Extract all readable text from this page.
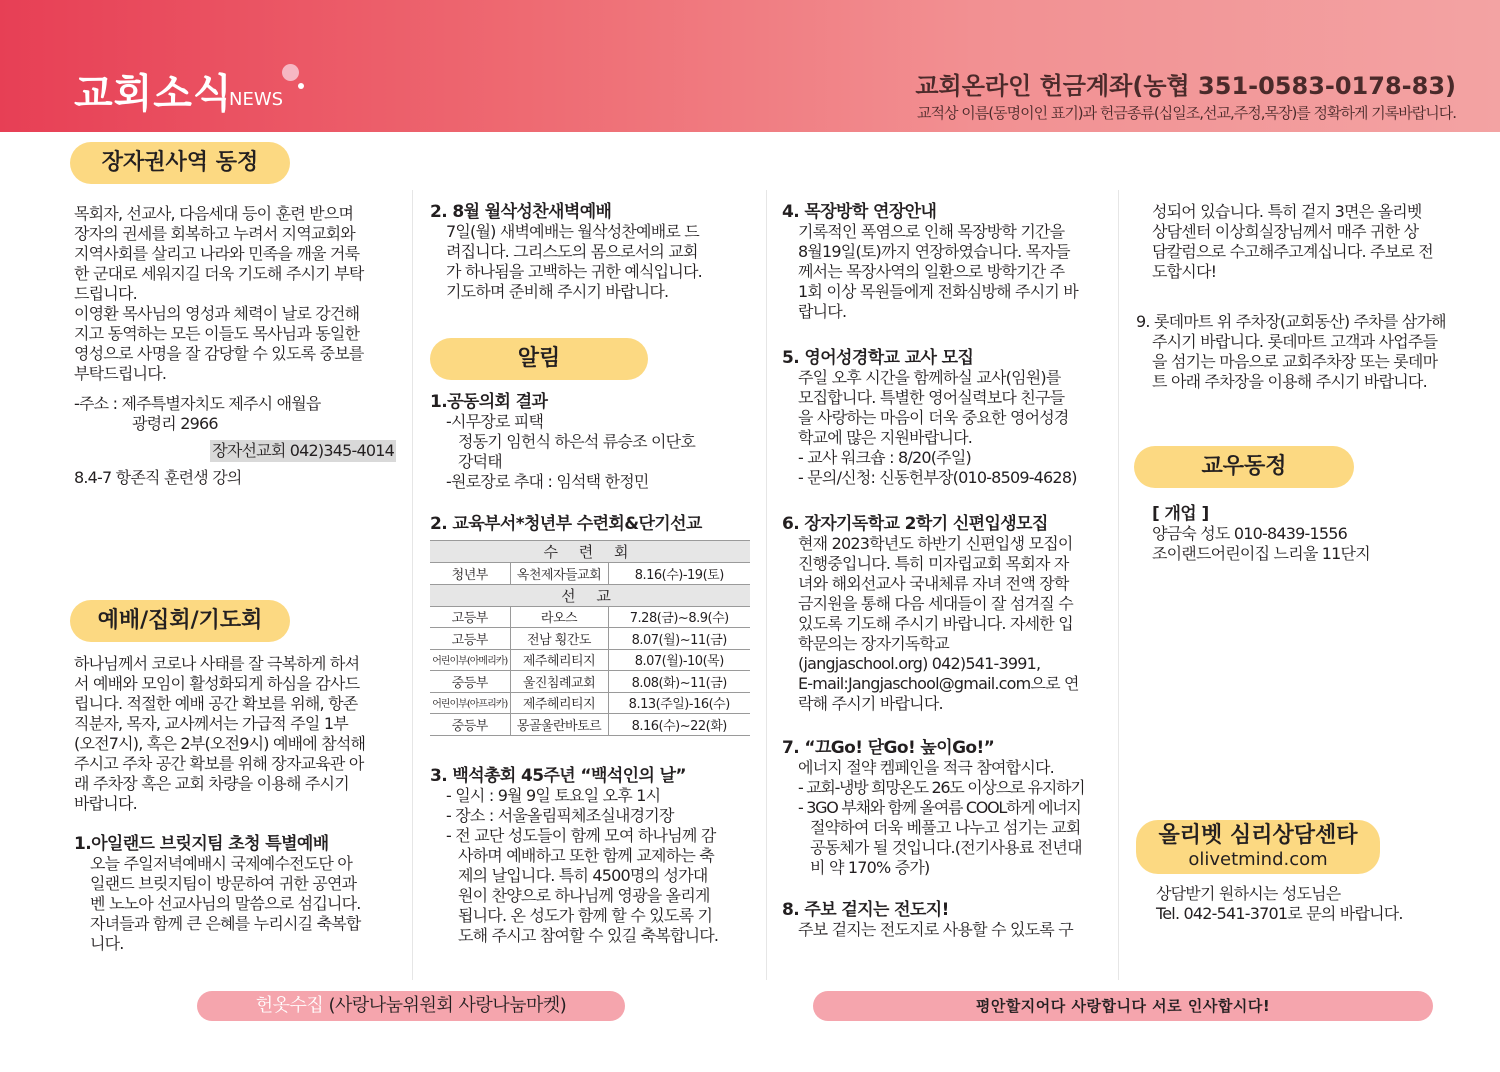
교회소식
NEWS	교회온라인 헌금계좌(농협 351-0583-0178-83)
교적상 이름(동명이인 표기)과 헌금종류(십일조,선교,주정,목장)를 정확하게 기록바랍니다.
장자권사역 동정

목회자, 선교사, 다음세대 등이 훈련 받으며

장자의 권세를 회복하고 누려서 지역교회와

지역사회를 살리고 나라와 민족을 깨울 거룩

한 군대로 세워지길 더욱 기도해 주시기 부탁

드립니다.

이영환 목사님의 영성과 체력이 날로 강건해

지고 동역하는 모든 이들도 목사님과 동일한

영성으로 사명을 잘 감당할 수 있도록 중보를

부탁드립니다.

-주소 : 제주특별자치도 제주시 애월읍

광령리 2966

장자선교회 042)345-4014

8.4-7 항존직 훈련생 강의

예배/집회/기도회

하나님께서 코로나 사태를 잘 극복하게 하셔

서 예배와 모임이 활성화되게 하심을 감사드

립니다. 적절한 예배 공간 확보를 위해, 항존

직분자, 목자, 교사께서는 가급적 주일 1부

(오전7시), 혹은 2부(오전9시) 예배에 참석해

주시고 주차 공간 확보를 위해 장자교육관 아

래 주차장 혹은 교회 차량을 이용해 주시기

바랍니다.

1.아일랜드 브릿지팀 초청 특별예배

오늘 주일저녁예배시 국제예수전도단 아

일랜드 브릿지팀이 방문하여 귀한 공연과

벤 노노아 선교사님의 말씀으로 섬깁니다.

자녀들과 함께 큰 은혜를 누리시길 축복합

니다.

2. 8월 월삭성찬새벽예배

7일(월) 새벽예배는 월삭성찬예배로 드

려집니다. 그리스도의 몸으로서의 교회

가 하나됨을 고백하는 귀한 예식입니다.

기도하며 준비해 주시기 바랍니다.

알림

1.공동의회 결과

-시무장로 피택

정동기 임헌식 하은석 류승조 이단호

강덕태

-원로장로 추대 : 임석택 한정민

2. 교육부서*청년부 수련회&단기선교

수 련 회		
청년부	옥천제자들교회	8.16(수)-19(토)
선 교		
고등부	라오스	7.28(금)~8.9(수)
고등부	전남 횡간도	8.07(월)~11(금)
어린이부(아메리카)	제주헤리티지	8.07(월)-10(목)
중등부	울진침례교회	8.08(화)~11(금)
어린이부(아프리카)	제주헤리티지	8.13(주일)-16(수)
중등부	몽골울란바토르	8.16(수)~22(화)

3. 백석총회 45주년 “백석인의 날”

- 일시 : 9월 9일 토요일 오후 1시

- 장소 : 서울올림픽체조실내경기장

- 전 교단 성도들이 함께 모여 하나님께 감

사하며 예배하고 또한 함께 교제하는 축

제의 날입니다. 특히 4500명의 성가대

원이 찬양으로 하나님께 영광을 올리게

됩니다. 온 성도가 함께 할 수 있도록 기

도해 주시고 참여할 수 있길 축복합니다.

4. 목장방학 연장안내

기록적인 폭염으로 인해 목장방학 기간을

8월19일(토)까지 연장하였습니다. 목자들

께서는 목장사역의 일환으로 방학기간 주

1회 이상 목원들에게 전화심방해 주시기 바

랍니다.

5. 영어성경학교 교사 모집

주일 오후 시간을 함께하실 교사(임원)를

모집합니다. 특별한 영어실력보다 친구들

을 사랑하는 마음이 더욱 중요한 영어성경

학교에 많은 지원바랍니다.

- 교사 워크숍 : 8/20(주일)

- 문의/신청: 신동헌부장(010-8509-4628)

6. 장자기독학교 2학기 신편입생모집

현재 2023학년도 하반기 신편입생 모집이

진행중입니다. 특히 미자립교회 목회자 자

녀와 해외선교사 국내체류 자녀 전액 장학

금지원을 통해 다음 세대들이 잘 섬겨질 수

있도록 기도해 주시기 바랍니다. 자세한 입

학문의는 장자기독학교

(jangjaschool.org) 042)541-3991,

E-mail:Jangjaschool@gmail.com으로 연

락해 주시기 바랍니다.

7. “끄Go! 닫Go! 높이Go!”

에너지 절약 켐페인을 적극 참여합시다.

- 교회-냉방 희망온도 26도 이상으로 유지하기

- 3GO 부채와 함께 올여름 COOL하게 에너지

절약하여 더욱 베풀고 나누고 섬기는 교회

공동체가 될 것입니다.(전기사용료 전년대

비 약 170% 증가)

8. 주보 겉지는 전도지!

주보 겉지는 전도지로 사용할 수 있도록 구

성되어 있습니다. 특히 겉지 3면은 올리벳

상담센터 이상희실장님께서 매주 귀한 상

담칼럼으로 수고해주고계십니다. 주보로 전

도합시다!

9. 롯데마트 위 주차장(교회동산) 주차를 삼가해

주시기 바랍니다. 롯데마트 고객과 사업주들

을 섬기는 마음으로 교회주차장 또는 롯데마

트 아래 주차장을 이용해 주시기 바랍니다.

교우동정

[ 개업 ]

양금숙 성도 010-8439-1556

조이랜드어린이집 느리울 11단지

올리벳 심리상담센타
olivetmind.com

상담받기 원하시는 성도님은

Tel. 042-541-3701로 문의 바랍니다.

헌옷수집 (사랑나눔위원회 사랑나눔마켓)	평안할지어다 사랑합니다 서로 인사합시다!
